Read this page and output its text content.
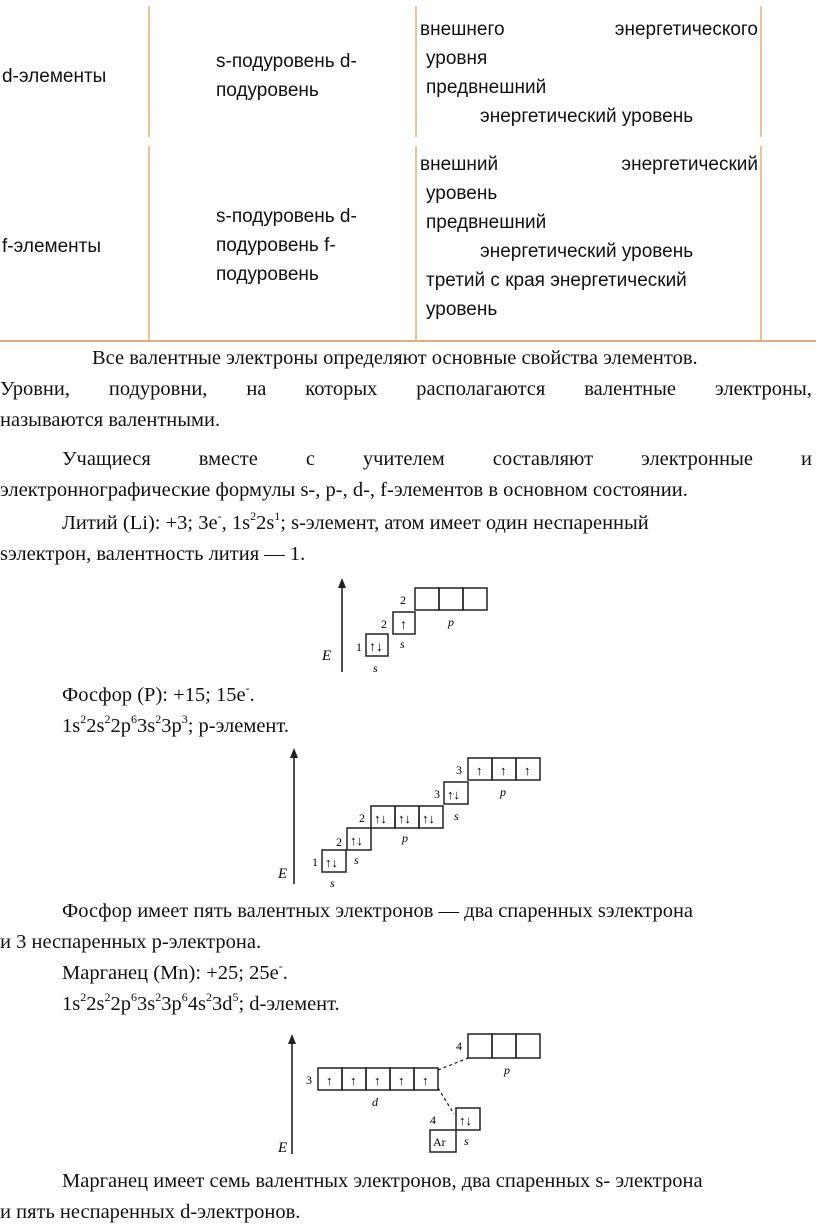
d-элементы
s-подуровень d-
подуровень
внешнего	энергетического
уровня
предвнешний
энергетический уровень
f-элементы
s-подуровень d-
подуровень f-
подуровень
внешний	энергетический
уровень
предвнешний
энергетический уровень
третий с края энергетический
уровень

Все валентные электроны определяют основные свойства элементов.

Уровни, подуровни, на которых располагаются валентные электроны,

называются валентными.

Учащиеся вместе с учителем составляют электронные и

электроннографические формулы s-, p-, d-, f-элементов в основном состоянии.

Литий (Li): +3; 3e-, $1s^22s^1$; s-элемент, атом имеет один неспаренный

sэлектрон, валентность лития — 1.

E
↑↓
1
s
↑
2
s
2
p

Фосфор (P): +15; 15e-.

$1s^22s^22p^63s^23p^3$; p-элемент.

E
1 ↑↓
s
2 ↑↓
s
2 ↑↓ ↑↓ ↑↓
p
3 ↑↓
s
3 ↑ ↑ ↑
p

Фосфор имеет пять валентных электронов — два спаренных sэлектрона

и 3 неспаренных p-электрона.

Марганец (Mn): +25; 25e-.

$1s^22s^22p^63s^23p^64s^23d^5$; d-элемент.

E
3 ↑ ↑ ↑ ↑ ↑
d
4
p
4 ↑↓
Ar s

Марганец имеет семь валентных электронов, два спаренных s- электрона

и пять неспаренных d-электронов.
